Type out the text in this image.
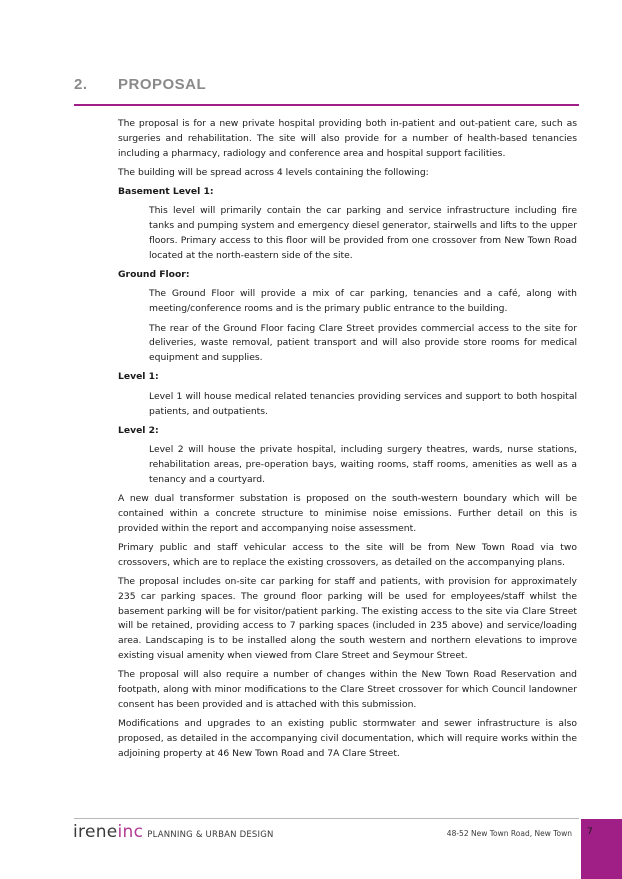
2. PROPOSAL

The proposal is for a new private hospital providing both in-patient and out-patient care, such as surgeries and rehabilitation. The site will also provide for a number of health-based tenancies including a pharmacy, radiology and conference area and hospital support facilities.

The building will be spread across 4 levels containing the following:

Basement Level 1:

This level will primarily contain the car parking and service infrastructure including fire tanks and pumping system and emergency diesel generator, stairwells and lifts to the upper floors. Primary access to this floor will be provided from one crossover from New Town Road located at the north-eastern side of the site.

Ground Floor:

The Ground Floor will provide a mix of car parking, tenancies and a café, along with meeting/conference rooms and is the primary public entrance to the building.

The rear of the Ground Floor facing Clare Street provides commercial access to the site for deliveries, waste removal, patient transport and will also provide store rooms for medical equipment and supplies.

Level 1:

Level 1 will house medical related tenancies providing services and support to both hospital patients, and outpatients.

Level 2:

Level 2 will house the private hospital, including surgery theatres, wards, nurse stations, rehabilitation areas, pre-operation bays, waiting rooms, staff rooms, amenities as well as a tenancy and a courtyard.

A new dual transformer substation is proposed on the south-western boundary which will be contained within a concrete structure to minimise noise emissions. Further detail on this is provided within the report and accompanying noise assessment.

Primary public and staff vehicular access to the site will be from New Town Road via two crossovers, which are to replace the existing crossovers, as detailed on the accompanying plans.

The proposal includes on-site car parking for staff and patients, with provision for approximately 235 car parking spaces. The ground floor parking will be used for employees/staff whilst the basement parking will be for visitor/patient parking. The existing access to the site via Clare Street will be retained, providing access to 7 parking spaces (included in 235 above) and service/loading area. Landscaping is to be installed along the south western and northern elevations to improve existing visual amenity when viewed from Clare Street and Seymour Street.

The proposal will also require a number of changes within the New Town Road Reservation and footpath, along with minor modifications to the Clare Street crossover for which Council landowner consent has been provided and is attached with this submission.

Modifications and upgrades to an existing public stormwater and sewer infrastructure is also proposed, as detailed in the accompanying civil documentation, which will require works within the adjoining property at 46 New Town Road and 7A Clare Street.

irene inc PLANNING & URBAN DESIGN	48-52 New Town Road, New Town 7
